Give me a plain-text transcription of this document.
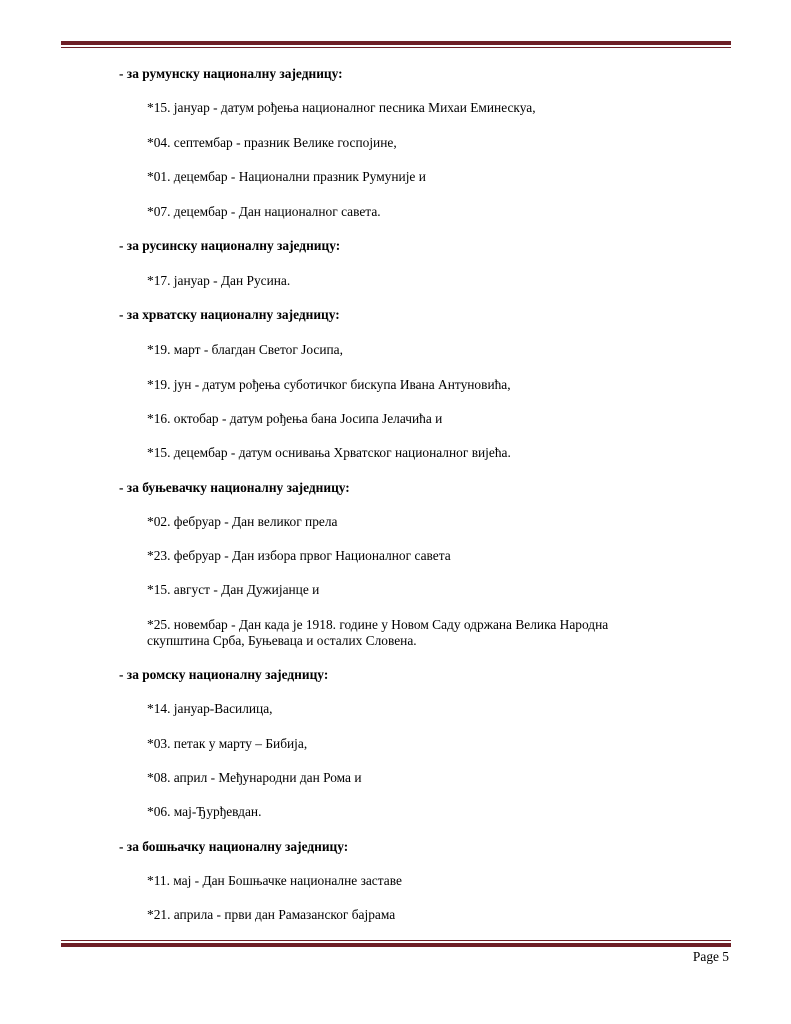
- за румунску националну заједницу:
*15. јануар - датум рођења националног песника Михаи Еминескуа,
*04. септембар - празник Велике госпојине,
*01. децембар - Национални празник Румуније и
*07. децембар - Дан националног савета.
- за русинску националну заједницу:
*17. јануар - Дан Русина.
- за хрватску националну заједницу:
*19. март - благдан Светог Јосипа,
*19. јун - датум рођења суботичког бискупа Ивана Антуновића,
*16. октобар - датум рођења бана Јосипа Јелачића и
*15. децембар - датум оснивања Хрватског националног вијећа.
- за буњевачку националну заједницу:
*02. фебруар - Дан великог прела
*23. фебруар - Дан избора првог Националног савета
*15. август - Дан Дужијанце и
*25. новембар - Дан када је 1918. године у Новом Саду одржана Велика Народна
скупштина Срба, Буњеваца и осталих Словена.
- за ромску националну заједницу:
*14. јануар-Василица,
*03. петак у марту – Бибија,
*08. април - Међународни дан Рома и
*06. мај-Ђурђевдан.
- за бошњачку националну заједницу:
*11. мај - Дан Бошњачке националне заставе
*21. априла - први дан Рамазанског бајрама
Page 5
